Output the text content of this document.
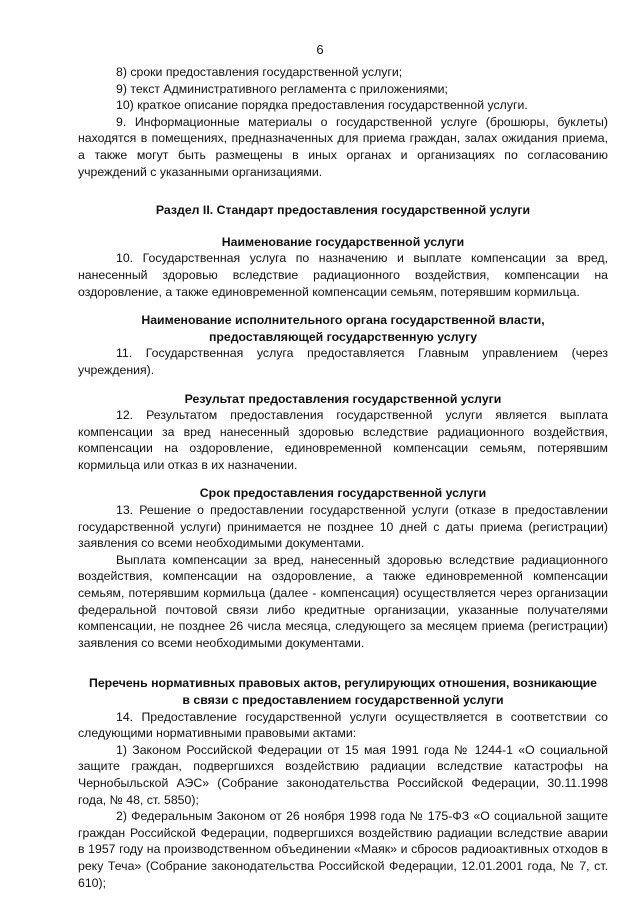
6

8) сроки предоставления государственной услуги;

9) текст Административного регламента с приложениями;

10) краткое описание порядка предоставления государственной услуги.

9. Информационные материалы о государственной услуге (брошюры, буклеты) находятся в помещениях, предназначенных для приема граждан, залах ожидания приема, а также могут быть размещены в иных органах и организациях по согласованию учреждений с указанными организациями.

Раздел II. Стандарт предоставления государственной услуги
Наименование государственной услуги

10. Государственная услуга по назначению и выплате компенсации за вред, нанесенный здоровью вследствие радиационного воздействия, компенсации на оздоровление, а также единовременной компенсации семьям, потерявшим кормильца.

Наименование исполнительного органа государственной власти,
предоставляющей государственную услугу

11. Государственная услуга предоставляется Главным управлением (через учреждения).

Результат предоставления государственной услуги

12. Результатом предоставления государственной услуги является выплата компенсации за вред нанесенный здоровью вследствие радиационного воздействия, компенсации на оздоровление, единовременной компенсации семьям, потерявшим кормильца или отказ в их назначении.

Срок предоставления государственной услуги

13. Решение о предоставлении государственной услуги (отказе в предоставлении государственной услуги) принимается не позднее 10 дней с даты приема (регистрации) заявления со всеми необходимыми документами.

Выплата компенсации за вред, нанесенный здоровью вследствие радиационного воздействия, компенсации на оздоровление, а также единовременной компенсации семьям, потерявшим кормильца (далее - компенсация) осуществляется через организации федеральной почтовой связи либо кредитные организации, указанные получателями компенсации, не позднее 26 числа месяца, следующего за месяцем приема (регистрации) заявления со всеми необходимыми документами.

Перечень нормативных правовых актов, регулирующих отношения, возникающие
в связи с предоставлением государственной услуги

14. Предоставление государственной услуги осуществляется в соответствии со следующими нормативными правовыми актами:

1) Законом Российской Федерации от 15 мая 1991 года № 1244-1 «О социальной защите граждан, подвергшихся воздействию радиации вследствие катастрофы на Чернобыльской АЭС» (Собрание законодательства Российской Федерации, 30.11.1998 года, № 48, ст. 5850);

2) Федеральным Законом от 26 ноября 1998 года № 175-ФЗ «О социальной защите граждан Российской Федерации, подвергшихся воздействию радиации вследствие аварии в 1957 году на производственном объединении «Маяк» и сбросов радиоактивных отходов в реку Теча» (Собрание законодательства Российской Федерации, 12.01.2001 года, № 7, ст. 610);
